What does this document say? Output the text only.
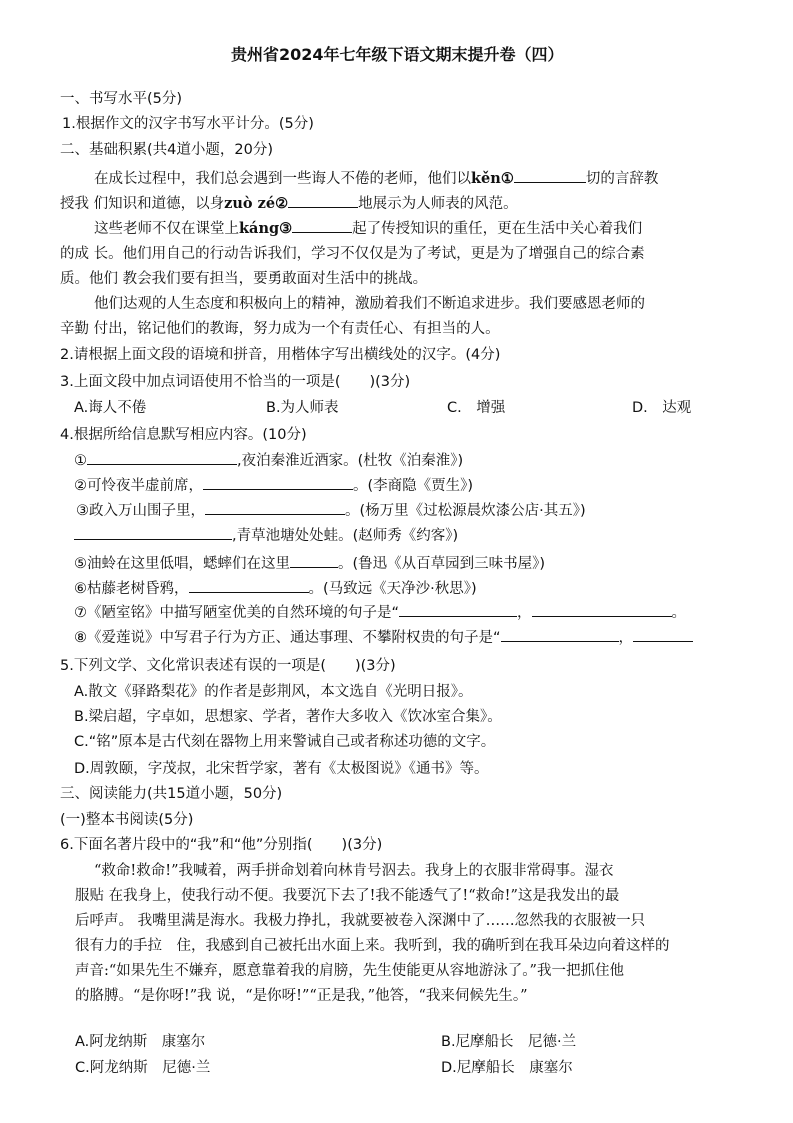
贵州省2024年七年级下语文期末提升卷（四）
一、书写水平(5分)
1.根据作文的汉字书写水平计分。(5分)
二、基础积累(共4道小题，20分)
在成长过程中，我们总会遇到一些诲人不倦的老师，他们以kěn①	切的言辞教
授我 们知识和道德，以身zuò zé②	地展示为人师表的风范。
这些老师不仅在课堂上káng③	起了传授知识的重任，更在生活中关心着我们
的成 长。他们用自己的行动告诉我们，学习不仅仅是为了考试，更是为了增强自己的综合素
质。他们 教会我们要有担当，要勇敢面对生活中的挑战。
他们达观的人生态度和积极向上的精神，激励着我们不断追求进步。我们要感恩老师的
辛勤 付出，铭记他们的教诲，努力成为一个有责任心、有担当的人。
2.请根据上面文段的语境和拼音，用楷体字写出横线处的汉字。(4分)
3.上面文段中加点词语使用不恰当的一项是(　　)(3分)
A.诲人不倦	B.为人师表	C.　增强	D.　达观
4.根据所给信息默写相应内容。(10分)
①	,夜泊秦淮近酒家。(杜牧《泊秦淮》)
②可怜夜半虚前席，	。(李商隐《贾生》)
③政入万山围子里，	。(杨万里《过松源晨炊漆公店·其五》)
,青草池塘处处蛙。(赵师秀《约客》)
⑤油蛉在这里低唱，蟋蟀们在这里	。(鲁迅《从百草园到三味书屋》)
⑥枯藤老树昏鸦，	。(马致远《天净沙·秋思》)
⑦《陋室铭》中描写陋室优美的自然环境的句子是“	，	。
⑧《爱莲说》中写君子行为方正、通达事理、不攀附权贵的句子是“	，
5.下列文学、文化常识表述有误的一项是(　　)(3分)
A.散文《驿路梨花》的作者是彭荆风，本文选自《光明日报》。
B.梁启超，字卓如，思想家、学者，著作大多收入《饮冰室合集》。
C.“铭”原本是古代刻在器物上用来警诫自己或者称述功德的文字。
D.周敦颐，字茂叔，北宋哲学家，著有《太极图说》《通书》等。
三、阅读能力(共15道小题，50分)
(一)整本书阅读(5分)
6.下面名著片段中的“我”和“他”分别指(　　)(3分)
“救命!救命!”我喊着，两手拼命划着向林肯号泅去。我身上的衣服非常碍事。湿衣
服贴 在我身上，使我行动不便。我要沉下去了!我不能透气了!“救命!”这是我发出的最
后呼声。 我嘴里满是海水。我极力挣扎，我就要被卷入深渊中了……忽然我的衣服被一只
很有力的手拉　住，我感到自己被托出水面上来。我听到，我的确听到在我耳朵边向着这样的
声音:“如果先生不嫌弃，愿意靠着我的肩膀，先生使能更从容地游泳了。”我一把抓住他
的胳膊。“是你呀!”我 说，“是你呀!”“正是我，”他答，“我来伺候先生。”
A.阿龙纳斯　康塞尔	B.尼摩船长　尼德·兰
C.阿龙纳斯　尼德·兰	D.尼摩船长　康塞尔
